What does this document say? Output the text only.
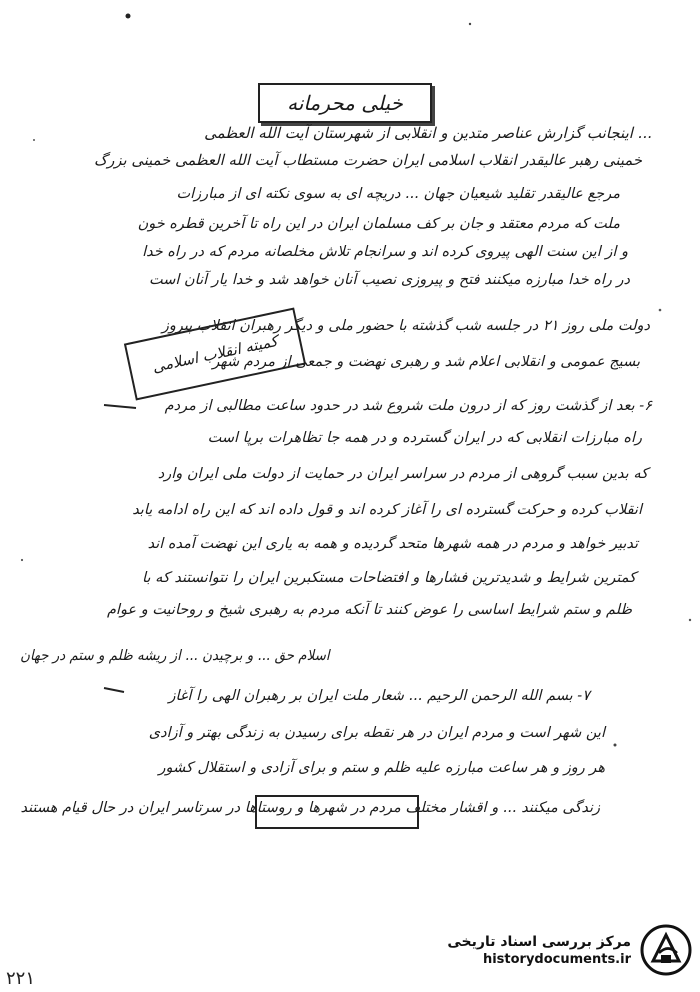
خیلی محرمانه
... اینجانب گزارش عناصر متدین و انقلابی از شهرستان آیت الله العظمی
خمینی رهبر عالیقدر انقلاب اسلامی ایران حضرت مستطاب آیت الله العظمی خمینی بزرگ
مرجع عالیقدر تقلید شیعیان جهان ... دریچه ای به سوی نکته ای از مبارزات
ملت که مردم معتقد و جان بر کف مسلمان ایران در این راه تا آخرین قطره خون
و از این سنت الهی پیروی کرده اند و سرانجام تلاش مخلصانه مردم که در راه خدا
در راه خدا مبارزه میکنند فتح و پیروزی نصیب آنان خواهد شد و خدا یار آنان است
دولت ملی روز ۲۱ در جلسه شب گذشته با حضور ملی و دیگر رهبران انقلاب پیروز
کمیته انقلاب اسلامی
بسیج عمومی و انقلابی اعلام شد و رهبری نهضت و جمعی از مردم شهر
۶- بعد از گذشت روز که از درون ملت شروع شد در حدود ساعت مطالبی از مردم
راه مبارزات انقلابی که در ایران گسترده و در همه جا تظاهرات برپا است
که بدین سبب گروهی از مردم در سراسر ایران در حمایت از دولت ملی ایران وارد
انقلاب کرده و حرکت گسترده ای را آغاز کرده اند و قول داده اند که این راه ادامه یابد
تدبیر خواهد و مردم در همه شهرها متحد گردیده و همه به یاری این نهضت آمده اند
کمترین شرایط و شدیدترین فشارها و افتضاحات مستکبرین ایران را نتوانستند که با
ظلم و ستم شرایط اساسی را عوض کنند تا آنکه مردم به رهبری شیخ و روحانیت و عوام
اسلام حق ... و برچیدن ... از ریشه ظلم و ستم در جهان
۷- بسم الله الرحمن الرحیم ... شعار ملت ایران بر رهبران الهی را آغاز
این شهر است و مردم ایران در هر نقطه برای رسیدن به زندگی بهتر و آزادی
هر روز و هر ساعت مبارزه علیه ظلم و ستم و برای آزادی و استقلال کشور
زندگی میکنند ... و اقشار مختلف مردم در شهرها و روستاها در سرتاسر ایران در حال قیام هستند
مرکز بررسی اسناد تاریخی
historydocuments.ir
۲۲۱
